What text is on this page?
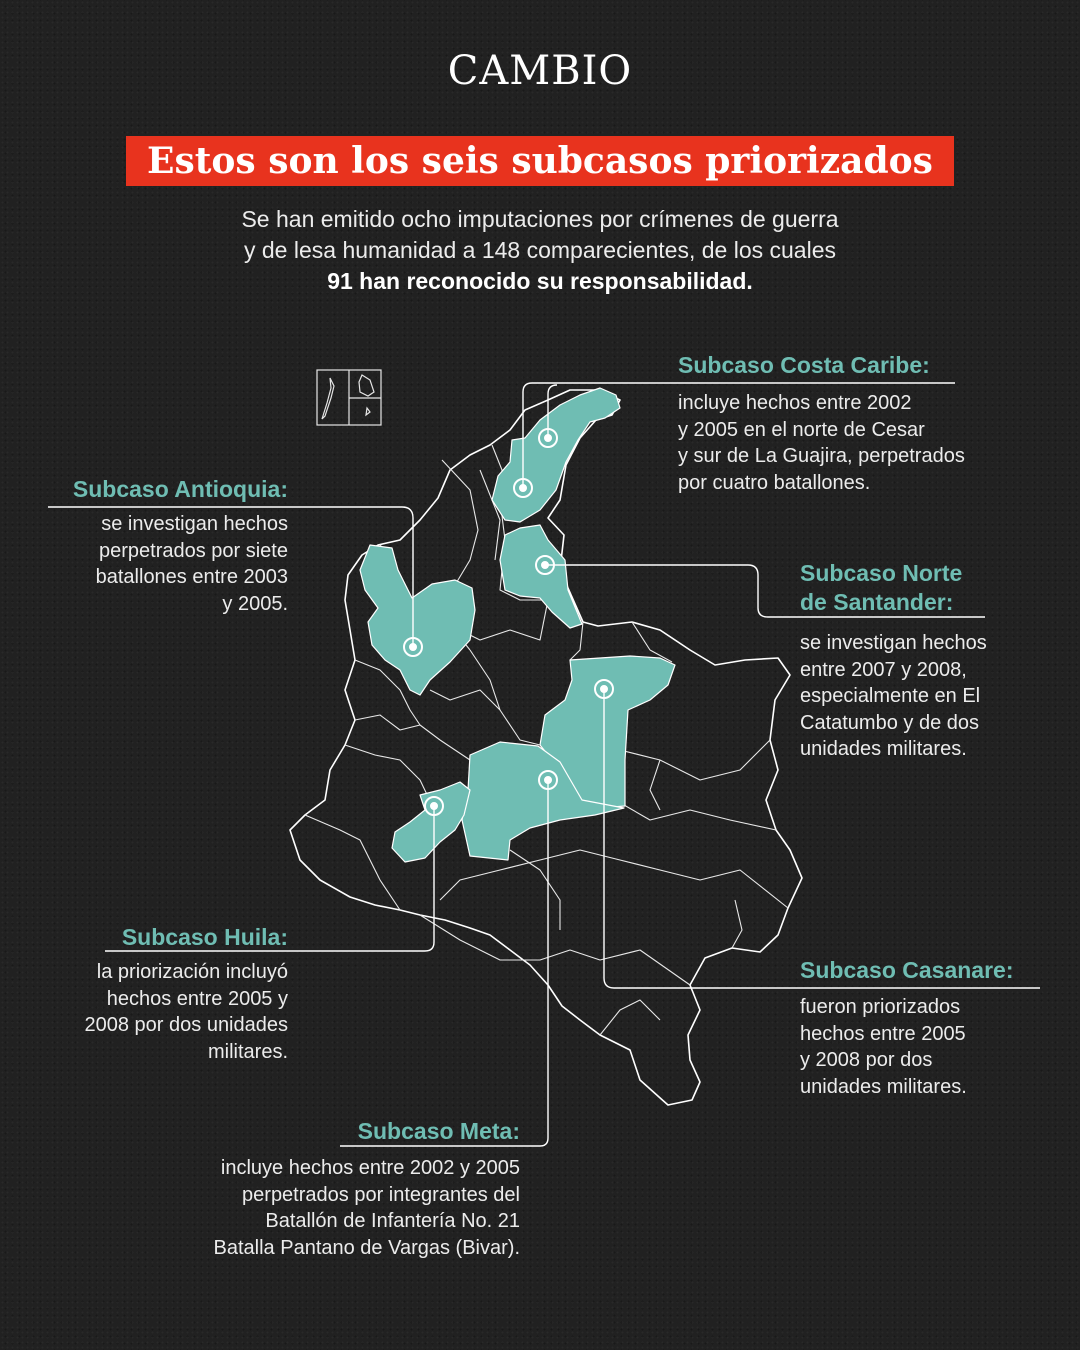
CAMBIO
Estos son los seis subcasos priorizados
Se han emitido ocho imputaciones por crímenes de guerra
y de lesa humanidad a 148 comparecientes, de los cuales
91 han reconocido su responsabilidad.
Subcaso Costa Caribe:
incluye hechos entre 2002
y 2005 en el norte de Cesar
y sur de La Guajira, perpetrados
por cuatro batallones.
Subcaso Antioquia:
se investigan hechos
perpetrados por siete
batallones entre 2003
y 2005.
Subcaso Norte
de Santander:
se investigan hechos
entre 2007 y 2008,
especialmente en El
Catatumbo y de dos
unidades militares.
Subcaso Huila:
la priorización incluyó
hechos entre 2005 y
2008 por dos unidades
militares.
Subcaso Casanare:
fueron priorizados
hechos entre 2005
y 2008 por dos
unidades militares.
Subcaso Meta:
incluye hechos entre 2002 y 2005
perpetrados por integrantes del
Batallón de Infantería No. 21
Batalla Pantano de Vargas (Bivar).
